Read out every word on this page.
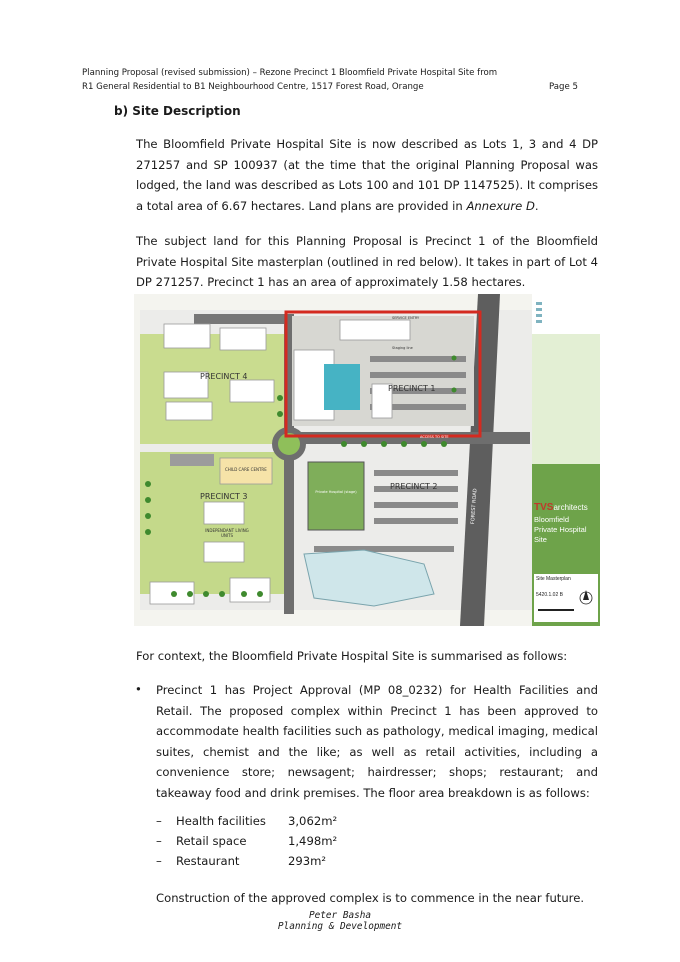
Planning Proposal (revised submission) – Rezone Precinct 1 Bloomfield Private Hospital Site from
R1 General Residential to B1 Neighbourhood Centre, 1517 Forest Road, Orange	Page 5
b) Site Description
The Bloomfield Private Hospital Site is now described as Lots 1, 3 and 4 DP 271257 and SP 100937 (at the time that the original Planning Proposal was lodged, the land was described as Lots 100 and 101 DP 1147525). It comprises a total area of 6.67 hectares. Land plans are provided in Annexure D.
The subject land for this Planning Proposal is Precinct 1 of the Bloomfield Private Hospital Site masterplan (outlined in red below). It takes in part of Lot 4 DP 271257. Precinct 1 has an area of approximately 1.58 hectares.
PRECINCT 4
PRECINCT 3
PRECINCT 1
PRECINCT 2
CHILD CARE CENTRE
INDEPENDANT LIVING UNITS
FOREST ROAD
SERVICE ENTRY
Staging line
ACCESS TO SITE
Private Hospital (stage)
TVSarchitects
Bloomfield
Private Hospital
Site
Site Masterplan
5420.1.02 B
For context, the Bloomfield Private Hospital Site is summarised as follows:
• Precinct 1 has Project Approval (MP 08_0232) for Health Facilities and Retail. The proposed complex within Precinct 1 has been approved to accommodate health facilities such as pathology, medical imaging, medical suites, chemist and the like; as well as retail activities, including a convenience store; newsagent; hairdresser; shops; restaurant; and takeaway food and drink premises. The floor area breakdown is as follows:
– Health facilities 3,062m²
– Retail space	1,498m²
– Restaurant	293m²
Construction of the approved complex is to commence in the near future.
Peter Basha
Planning & Development
